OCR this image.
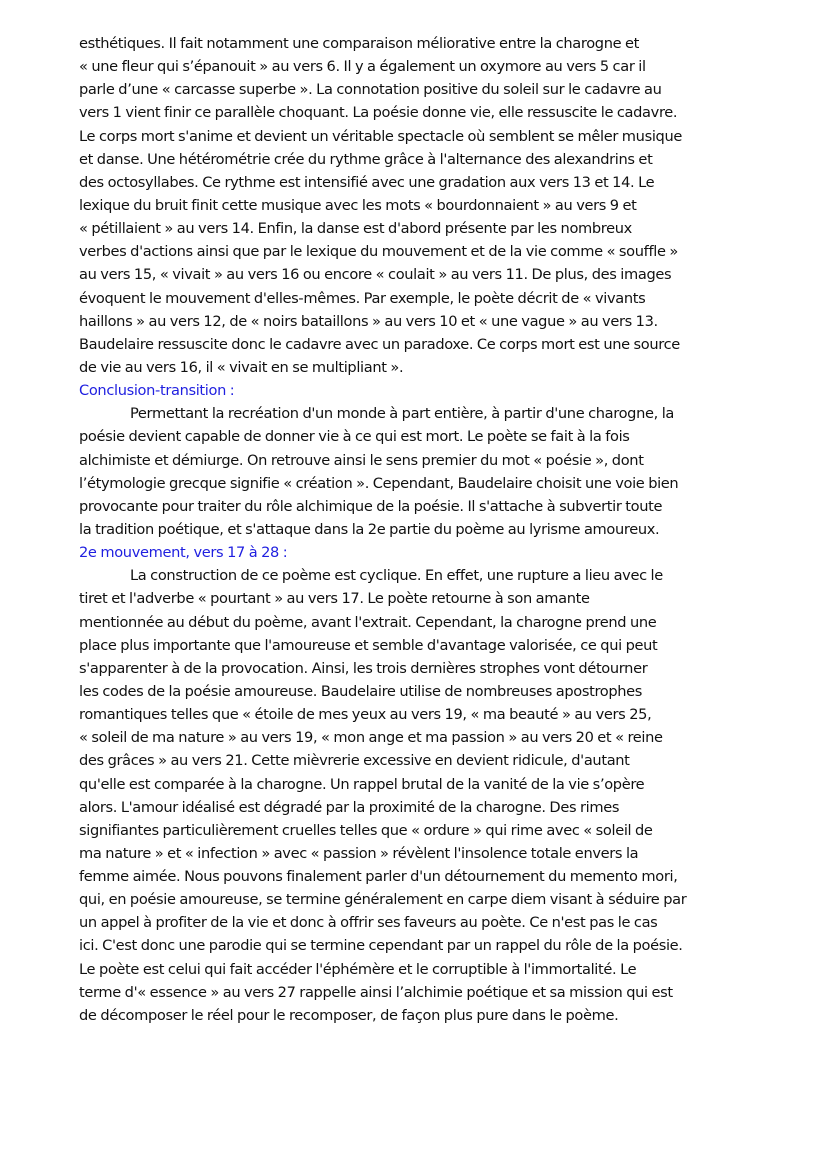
esthétiques. Il fait notamment une comparaison méliorative entre la charogne et
« une fleur qui s’épanouit » au vers 6. Il y a également un oxymore au vers 5 car il
parle d’une « carcasse superbe ». La connotation positive du soleil sur le cadavre au
vers 1 vient finir ce parallèle choquant. La poésie donne vie, elle ressuscite le cadavre.
Le corps mort s'anime et devient un véritable spectacle où semblent se mêler musique
et danse. Une hétérométrie crée du rythme grâce à l'alternance des alexandrins et
des octosyllabes. Ce rythme est intensifié avec une gradation aux vers 13 et 14. Le
lexique du bruit finit cette musique avec les mots « bourdonnaient » au vers 9 et
« pétillaient » au vers 14. Enfin, la danse est d'abord présente par les nombreux
verbes d'actions ainsi que par le lexique du mouvement et de la vie comme « souffle »
au vers 15, « vivait » au vers 16 ou encore « coulait » au vers 11. De plus, des images
évoquent le mouvement d'elles-mêmes. Par exemple, le poète décrit de « vivants
haillons » au vers 12, de « noirs bataillons » au vers 10 et « une vague » au vers 13.
Baudelaire ressuscite donc le cadavre avec un paradoxe. Ce corps mort est une source
de vie au vers 16, il « vivait en se multipliant ».
Conclusion-transition :
Permettant la recréation d'un monde à part entière, à partir d'une charogne, la
poésie devient capable de donner vie à ce qui est mort. Le poète se fait à la fois
alchimiste et démiurge. On retrouve ainsi le sens premier du mot « poésie », dont
l’étymologie grecque signifie « création ». Cependant, Baudelaire choisit une voie bien
provocante pour traiter du rôle alchimique de la poésie. Il s'attache à subvertir toute
la tradition poétique, et s'attaque dans la 2e partie du poème au lyrisme amoureux.
2e mouvement, vers 17 à 28 :
La construction de ce poème est cyclique. En effet, une rupture a lieu avec le
tiret et l'adverbe « pourtant » au vers 17. Le poète retourne à son amante
mentionnée au début du poème, avant l'extrait. Cependant, la charogne prend une
place plus importante que l'amoureuse et semble d'avantage valorisée, ce qui peut
s'apparenter à de la provocation. Ainsi, les trois dernières strophes vont détourner
les codes de la poésie amoureuse. Baudelaire utilise de nombreuses apostrophes
romantiques telles que « étoile de mes yeux au vers 19, « ma beauté » au vers 25,
« soleil de ma nature » au vers 19, « mon ange et ma passion » au vers 20 et « reine
des grâces » au vers 21. Cette mièvrerie excessive en devient ridicule, d'autant
qu'elle est comparée à la charogne. Un rappel brutal de la vanité de la vie s’opère
alors. L'amour idéalisé est dégradé par la proximité de la charogne. Des rimes
signifiantes particulièrement cruelles telles que « ordure » qui rime avec « soleil de
ma nature » et « infection » avec « passion » révèlent l'insolence totale envers la
femme aimée. Nous pouvons finalement parler d'un détournement du memento mori,
qui, en poésie amoureuse, se termine généralement en carpe diem visant à séduire par
un appel à profiter de la vie et donc à offrir ses faveurs au poète. Ce n'est pas le cas
ici. C'est donc une parodie qui se termine cependant par un rappel du rôle de la poésie.
Le poète est celui qui fait accéder l'éphémère et le corruptible à l'immortalité. Le
terme d'« essence » au vers 27 rappelle ainsi l’alchimie poétique et sa mission qui est
de décomposer le réel pour le recomposer, de façon plus pure dans le poème.
